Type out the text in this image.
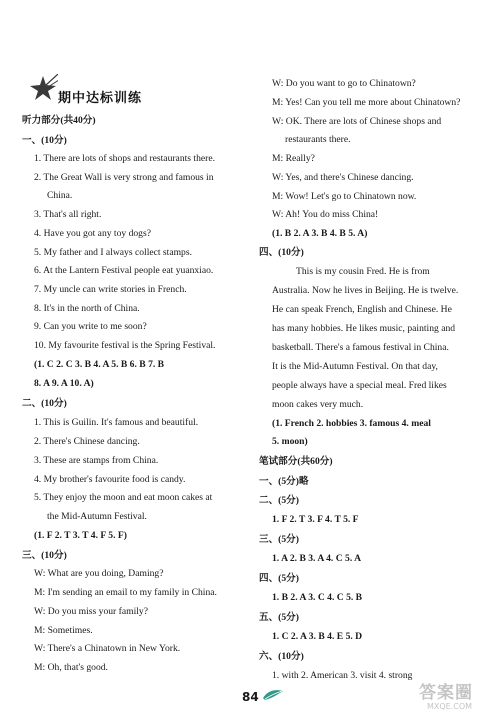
期中达标训练
听力部分(共40分)
一、(10分)
1. There are lots of shops and restaurants there.
2. The Great Wall is very strong and famous in
China.
3. That's all right.
4. Have you got any toy dogs?
5. My father and I always collect stamps.
6. At the Lantern Festival people eat yuanxiao.
7. My uncle can write stories in French.
8. It's in the north of China.
9. Can you write to me soon?
10. My favourite festival is the Spring Festival.
(1. C 2. C 3. B 4. A 5. B 6. B 7. B
8. A 9. A 10. A)
二、(10分)
1. This is Guilin. It's famous and beautiful.
2. There's Chinese dancing.
3. These are stamps from China.
4. My brother's favourite food is candy.
5. They enjoy the moon and eat moon cakes at
the Mid-Autumn Festival.
(1. F 2. T 3. T 4. F 5. F)
三、(10分)
W: What are you doing, Daming?
M: I'm sending an email to my family in China.
W: Do you miss your family?
M: Sometimes.
W: There's a Chinatown in New York.
M: Oh, that's good.
W: Do you want to go to Chinatown?
M: Yes! Can you tell me more about Chinatown?
W: OK. There are lots of Chinese shops and
restaurants there.
M: Really?
W: Yes, and there's Chinese dancing.
M: Wow! Let's go to Chinatown now.
W: Ah! You do miss China!
(1. B 2. A 3. B 4. B 5. A)
四、(10分)
This is my cousin Fred. He is from
Australia. Now he lives in Beijing. He is twelve.
He can speak French, English and Chinese. He
has many hobbies. He likes music, painting and
basketball. There's a famous festival in China.
It is the Mid-Autumn Festival. On that day,
people always have a special meal. Fred likes
moon cakes very much.
(1. French 2. hobbies 3. famous 4. meal
5. moon)
笔试部分(共60分)
一、(5分)略
二、(5分)
1. F 2. T 3. F 4. T 5. F
三、(5分)
1. A 2. B 3. A 4. C 5. A
四、(5分)
1. B 2. A 3. C 4. C 5. B
五、(5分)
1. C 2. A 3. B 4. E 5. D
六、(10分)
1. with 2. American 3. visit 4. strong
84	答案圈
MXQE.COM
